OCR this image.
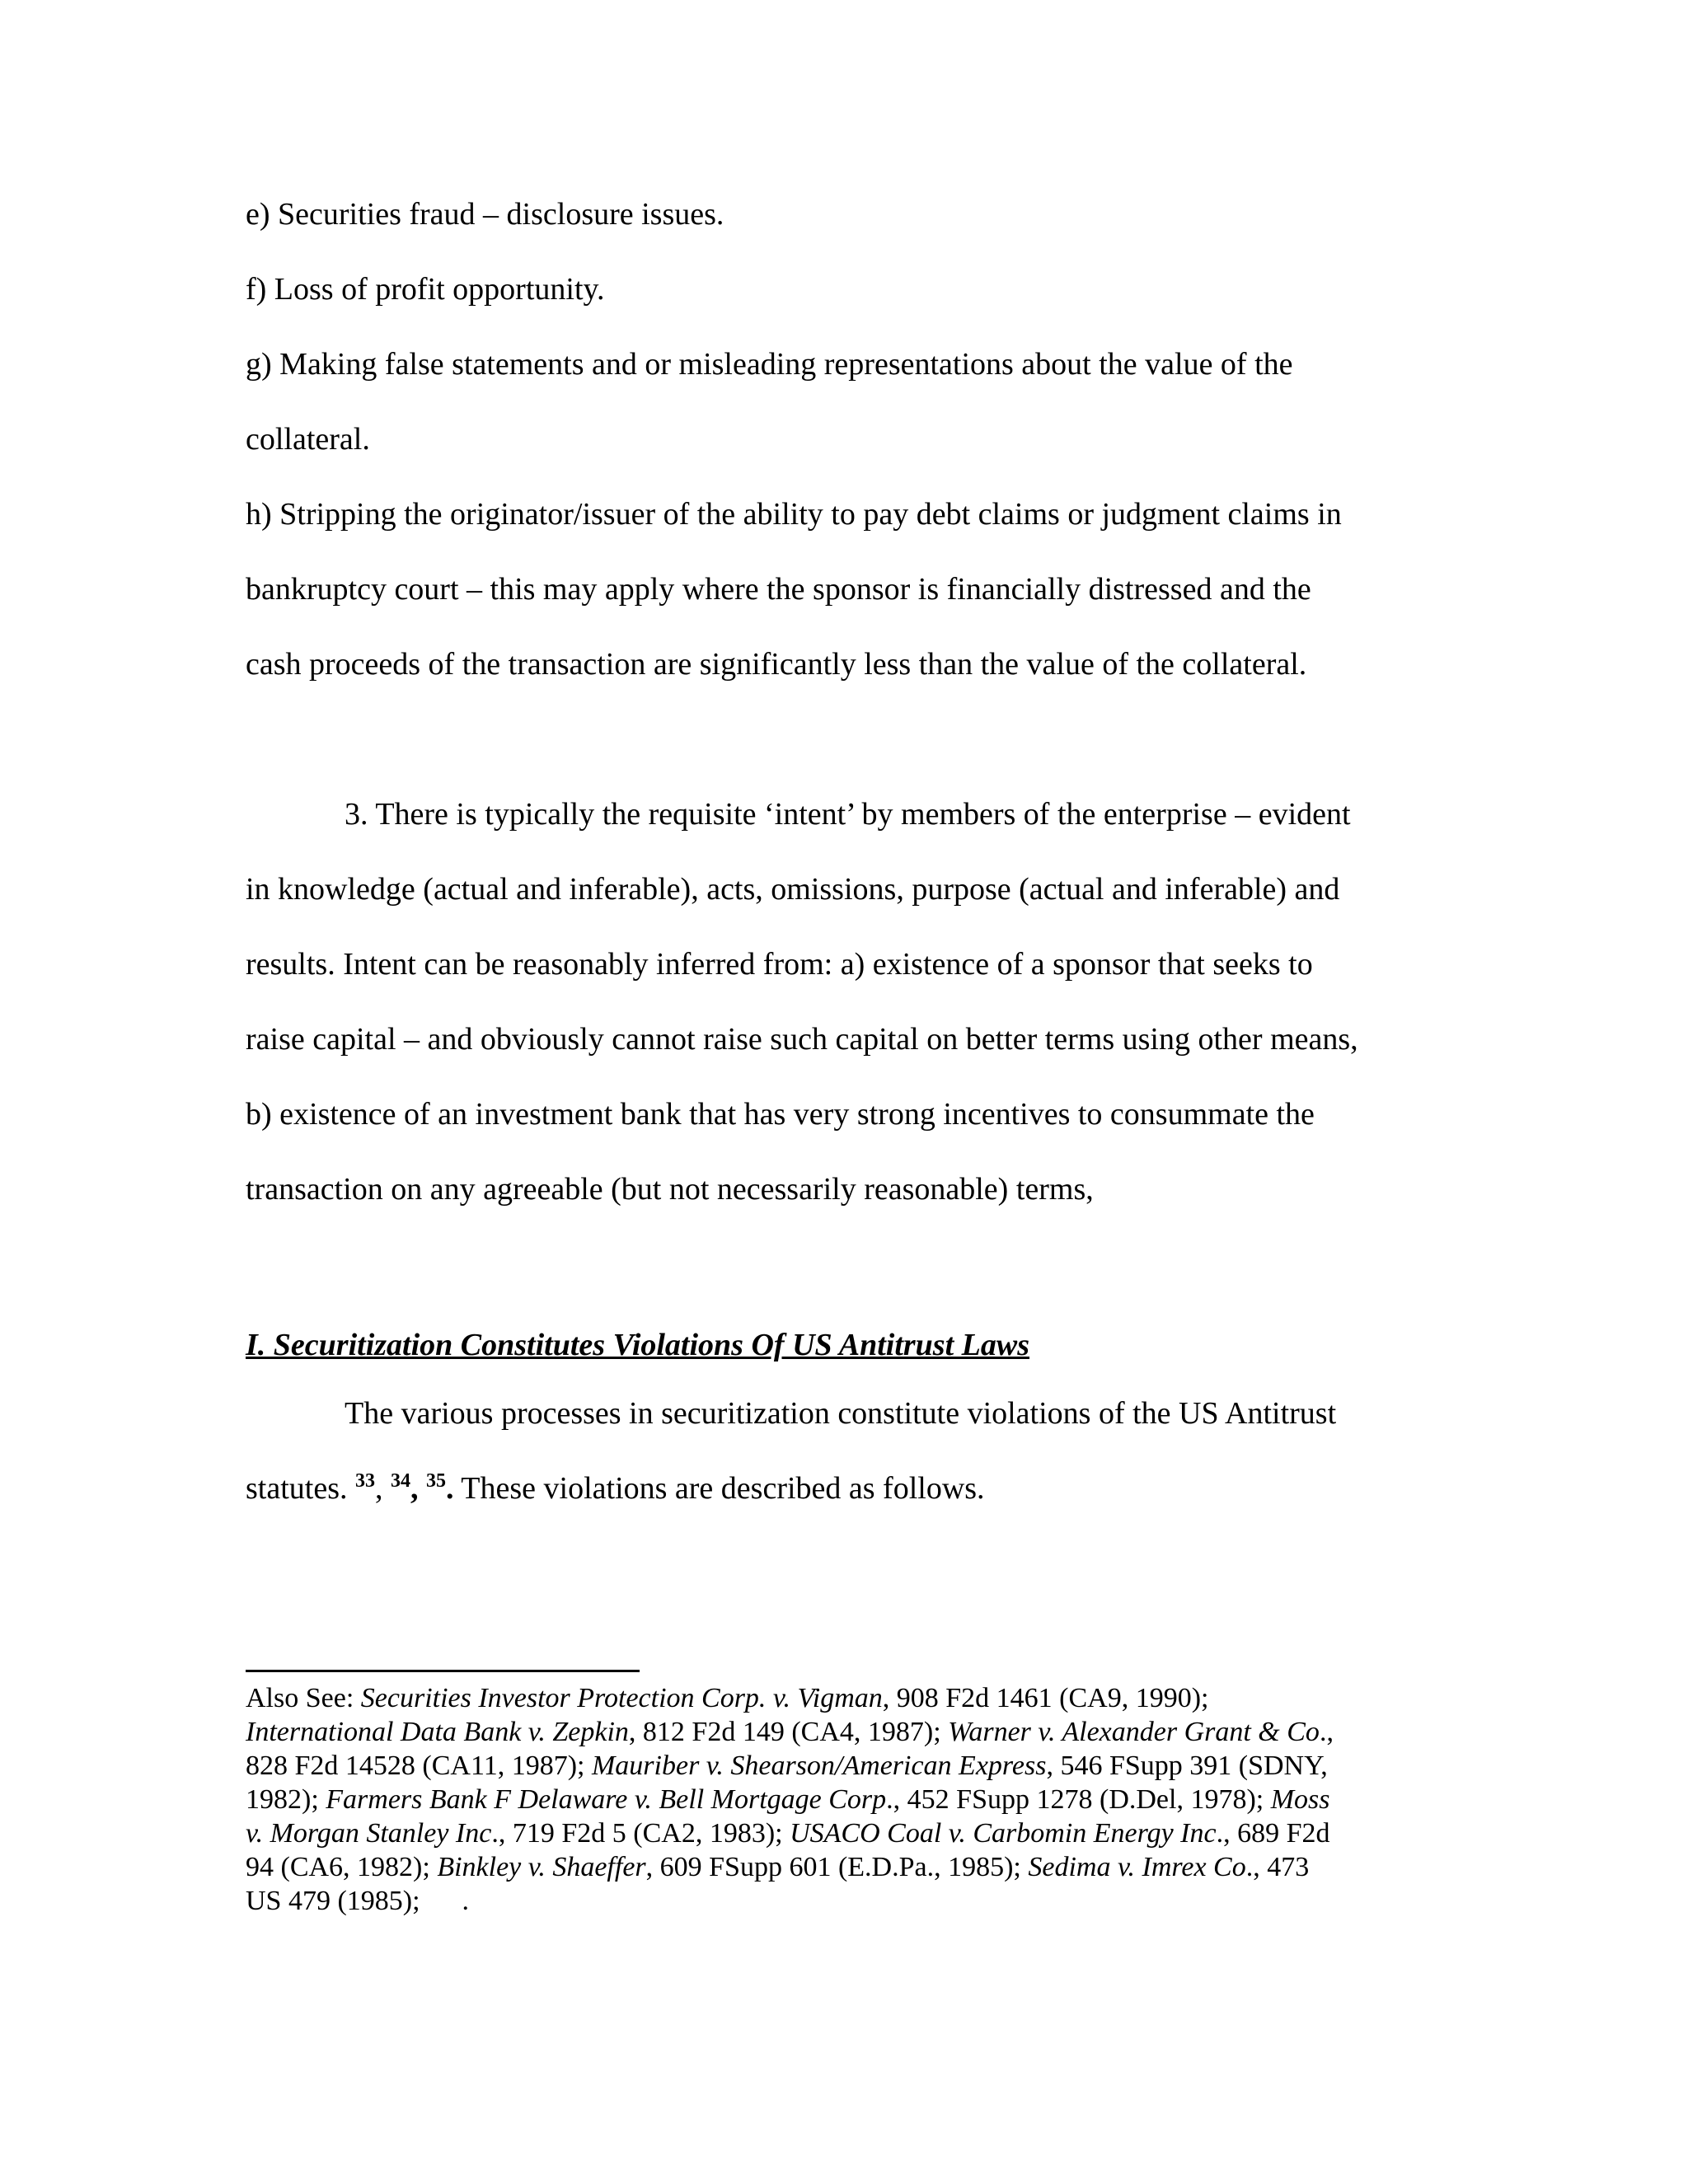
e) Securities fraud – disclosure issues.
f) Loss of profit opportunity.
g) Making false statements and or misleading representations about the value of the
collateral.
h) Stripping the originator/issuer of the ability to pay debt claims or judgment claims in
bankruptcy court – this may apply where the sponsor is financially distressed and the
cash proceeds of the transaction are significantly less than the value of the collateral.
3. There is typically the requisite ‘intent’ by members of the enterprise – evident
in knowledge (actual and inferable), acts, omissions, purpose (actual and inferable) and
results. Intent can be reasonably inferred from: a) existence of a sponsor that seeks to
raise capital – and obviously cannot raise such capital on better terms using other means,
b) existence of an investment bank that has very strong incentives to consummate the
transaction on any agreeable (but not necessarily reasonable) terms,
I. Securitization Constitutes Violations Of US Antitrust Laws
The various processes in securitization constitute violations of the US Antitrust
statutes. $^{33}$, $^{34}$, $^{35}$. These violations are described as follows.
Also See: Securities Investor Protection Corp. v. Vigman, 908 F2d 1461 (CA9, 1990);
International Data Bank v. Zepkin, 812 F2d 149 (CA4, 1987); Warner v. Alexander Grant & Co.,
828 F2d 14528 (CA11, 1987); Mauriber v. Shearson/American Express, 546 FSupp 391 (SDNY,
1982); Farmers Bank F Delaware v. Bell Mortgage Corp., 452 FSupp 1278 (D.Del, 1978); Moss
v. Morgan Stanley Inc., 719 F2d 5 (CA2, 1983); USACO Coal v. Carbomin Energy Inc., 689 F2d
94 (CA6, 1982); Binkley v. Shaeffer, 609 FSupp 601 (E.D.Pa., 1985); Sedima v. Imrex Co., 473
US 479 (1985);      .
